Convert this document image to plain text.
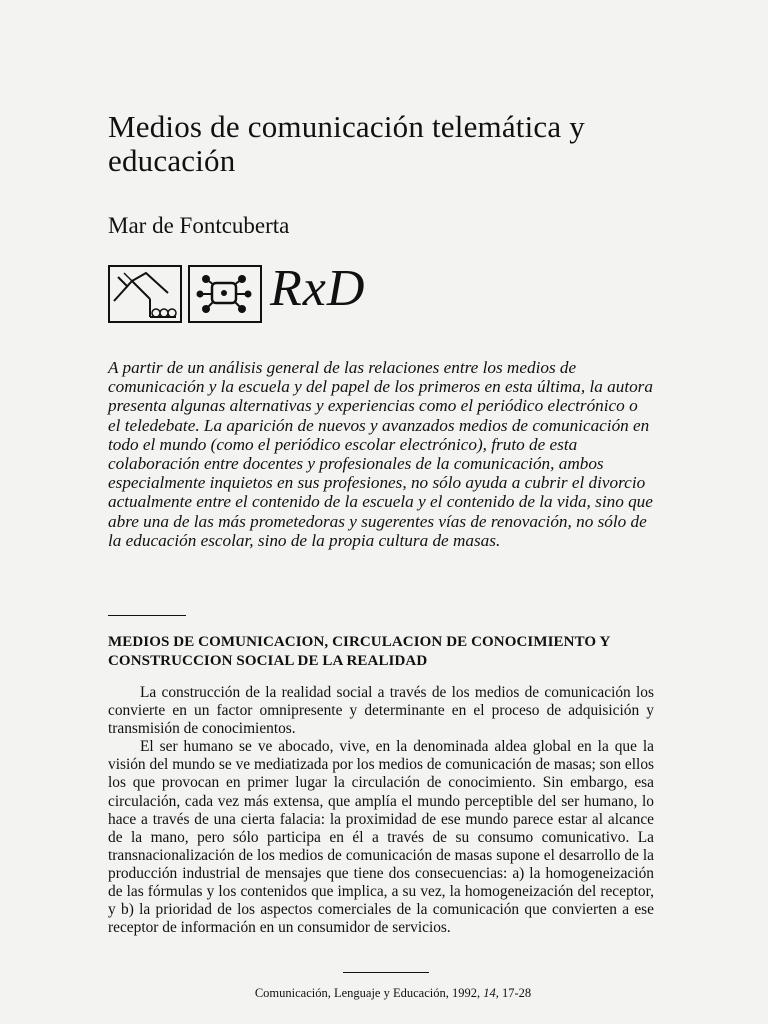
Medios de comunicación telemática y educación
Mar de Fontcuberta
RxD

A partir de un análisis general de las relaciones entre los medios de comunicación y la escuela y del papel de los primeros en esta última, la autora presenta algunas alternativas y experiencias como el periódico electrónico o el teledebate. La aparición de nuevos y avanzados medios de comunicación en todo el mundo (como el periódico escolar electrónico), fruto de esta colaboración entre docentes y profesionales de la comunicación, ambos especialmente inquietos en sus profesiones, no sólo ayuda a cubrir el divorcio actualmente entre el contenido de la escuela y el contenido de la vida, sino que abre una de las más prometedoras y sugerentes vías de renovación, no sólo de la educación escolar, sino de la propia cultura de masas.

MEDIOS DE COMUNICACION, CIRCULACION DE CONOCIMIENTO Y CONSTRUCCION SOCIAL DE LA REALIDAD

La construcción de la realidad social a través de los medios de comunicación los convierte en un factor omnipresente y determinante en el proceso de adquisición y transmisión de conocimientos.

El ser humano se ve abocado, vive, en la denominada aldea global en la que la visión del mundo se ve mediatizada por los medios de comunicación de masas; son ellos los que provocan en primer lugar la circulación de conocimiento. Sin embargo, esa circulación, cada vez más extensa, que amplía el mundo perceptible del ser humano, lo hace a través de una cierta falacia: la proximidad de ese mundo parece estar al alcance de la mano, pero sólo participa en él a través de su consumo comunicativo. La transnacionalización de los medios de comunicación de masas supone el desarrollo de la producción industrial de mensajes que tiene dos consecuencias: a) la homogeneización de las fórmulas y los contenidos que implica, a su vez, la homogeneización del receptor, y b) la prioridad de los aspectos comerciales de la comunicación que convierten a ese receptor de información en un consumidor de servicios.

Comunicación, Lenguaje y Educación, 1992, 14, 17-28
